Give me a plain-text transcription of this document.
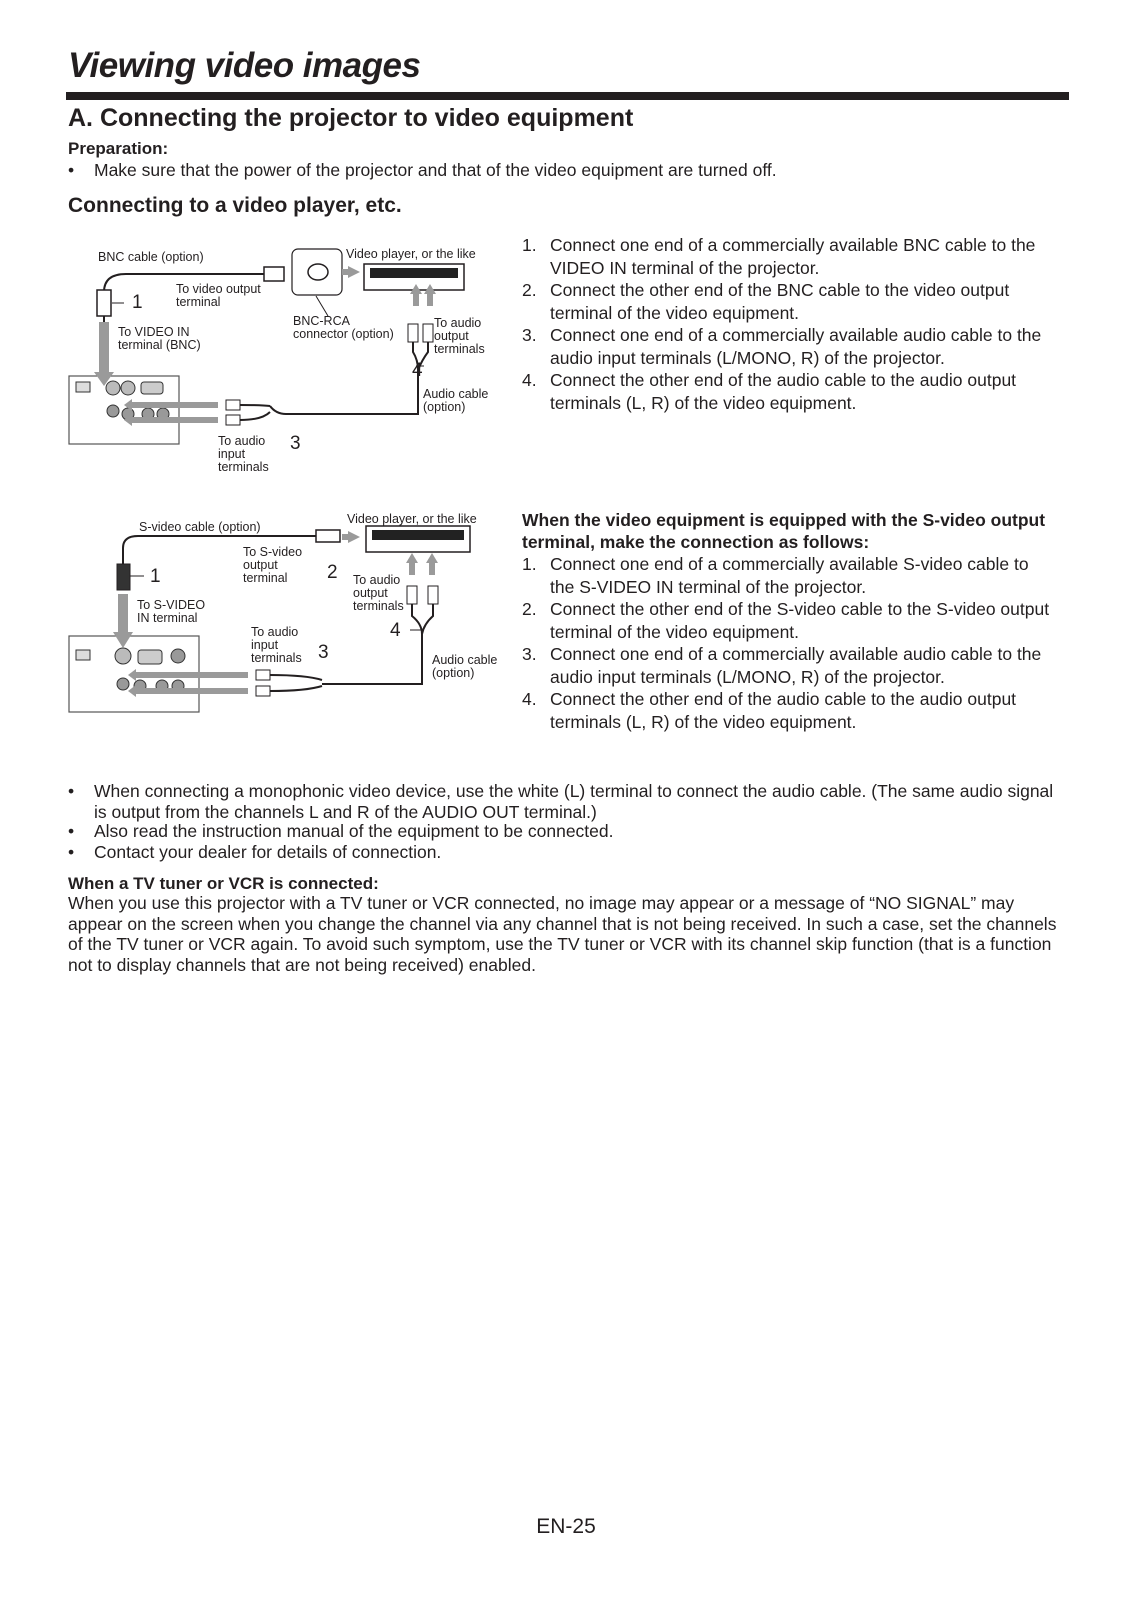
Viewing video images
A. Connecting the projector to video equipment
Preparation:
• Make sure that the power of the projector and that of the video equipment are turned off.
Connecting to a video player, etc.
BNC cable (option)	Video player, or the like
To video output
terminal
To VIDEO IN
terminal (BNC)
BNC-RCA
connector (option)
To audio
output
terminals
Audio cable
(option)
To audio
input
terminals
1
3
4
1. Connect one end of a commercially available BNC cable to the VIDEO IN terminal of the projector.
2. Connect the other end of the BNC cable to the video output terminal of the video equipment.
3. Connect one end of a commercially available audio cable to the audio input terminals (L/MONO, R) of the projector.
4. Connect the other end of the audio cable to the audio output terminals (L, R) of the video equipment.
S-video cable (option)
Video player, or the like
To S-video
output
terminal
To S-VIDEO
IN terminal
To audio
output
terminals
To audio
input
terminals	Audio cable
(option)
1	2
3
4
When the video equipment is equipped with the S-video output terminal, make the connection as follows:
1. Connect one end of a commercially available S-video cable to the S-VIDEO IN terminal of the projector.
2. Connect the other end of the S-video cable to the S-video output terminal of the video equipment.
3. Connect one end of a commercially available audio cable to the audio input terminals (L/MONO, R) of the projector.
4. Connect the other end of the audio cable to the audio output terminals (L, R) of the video equipment.
• When connecting a monophonic video device, use the white (L) terminal to connect the audio cable. (The same audio signal is output from the channels L and R of the AUDIO OUT terminal.)
• Also read the instruction manual of the equipment to be connected.
• Contact your dealer for details of connection.
When a TV tuner or VCR is connected:
When you use this projector with a TV tuner or VCR connected, no image may appear or a message of “NO SIGNAL” may appear on the screen when you change the channel via any channel that is not being received. In such a case, set the channels of the TV tuner or VCR again. To avoid such symptom, use the TV tuner or VCR with its channel skip function (that is a function not to display channels that are not being received) enabled.
EN-25
